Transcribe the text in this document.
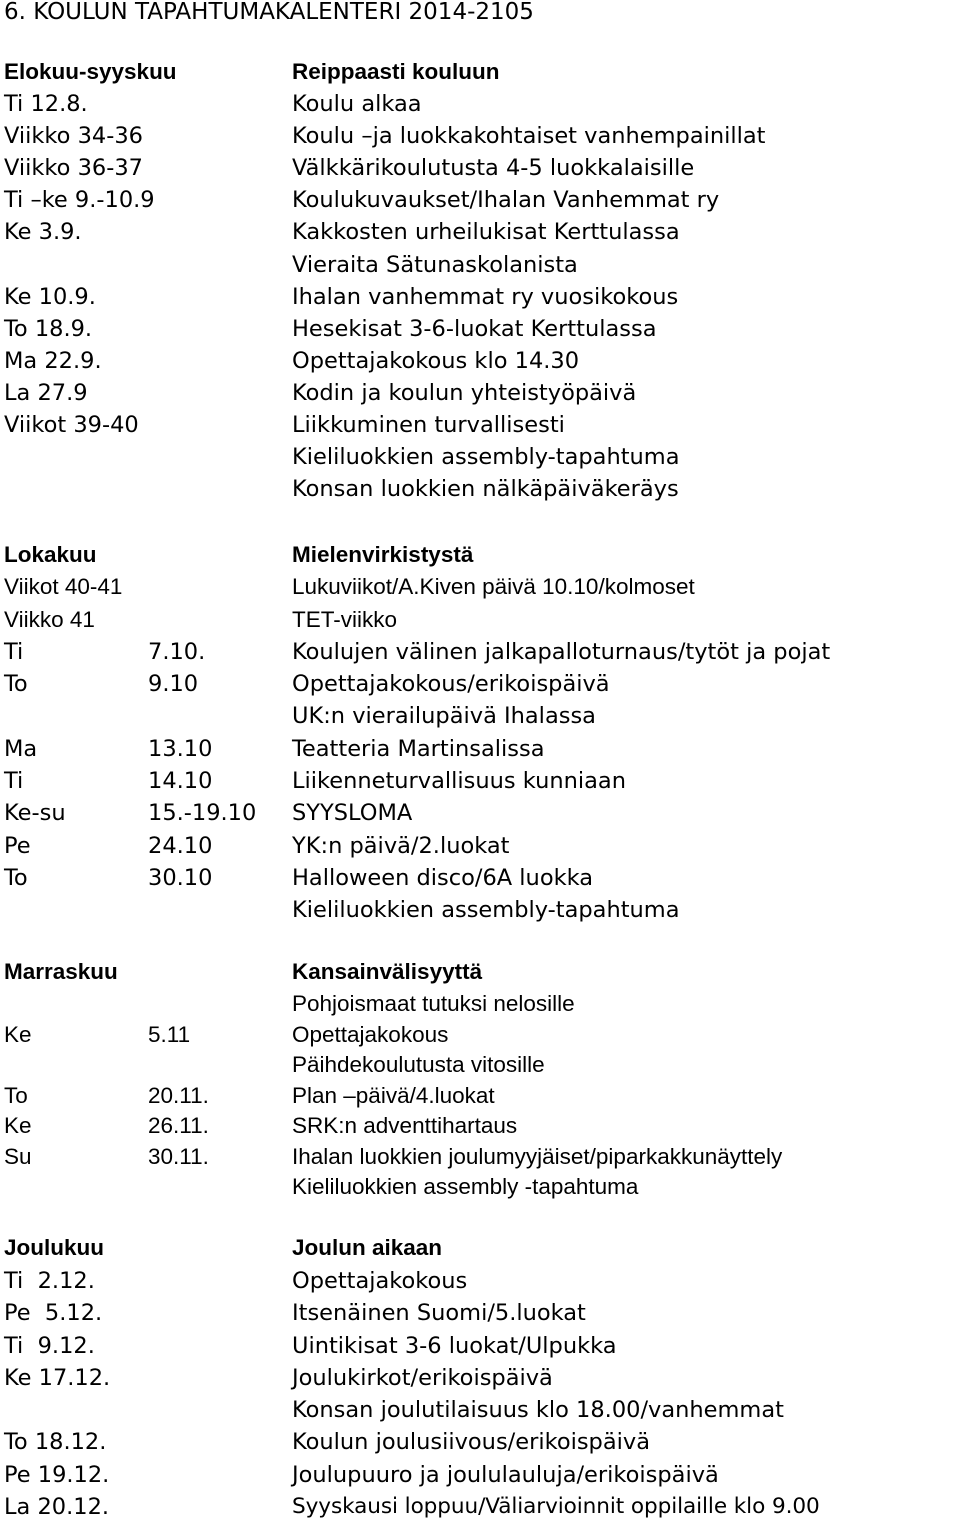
6. KOULUN TAPAHTUMAKALENTERI 2014-2105
Elokuu-syyskuu	Reippaasti kouluun
Ti 12.8.	Koulu alkaa
Viikko 34-36	Koulu –ja luokkakohtaiset vanhempainillat
Viikko 36-37	Välkkärikoulutusta 4-5 luokkalaisille
Ti –ke 9.-10.9	Koulukuvaukset/Ihalan Vanhemmat ry
Ke 3.9.	Kakkosten urheilukisat Kerttulassa
Vieraita Sätunaskolanista
Ke 10.9.	Ihalan vanhemmat ry vuosikokous
To 18.9.	Hesekisat 3-6-luokat Kerttulassa
Ma 22.9.	Opettajakokous klo 14.30
La 27.9	Kodin ja koulun yhteistyöpäivä
Viikot 39-40	Liikkuminen turvallisesti
Kieliluokkien assembly-tapahtuma
Konsan luokkien nälkäpäiväkeräys
Lokakuu	Mielenvirkistystä
Viikot 40-41	Lukuviikot/A.Kiven päivä 10.10/kolmoset
Viikko 41	TET-viikko
Ti	7.10.	Koulujen välinen jalkapalloturnaus/tytöt ja pojat
To	9.10	Opettajakokous/erikoispäivä
UK:n vierailupäivä Ihalassa
Ma	13.10	Teatteria Martinsalissa
Ti	14.10	Liikenneturvallisuus kunniaan
Ke-su	15.-19.10 SYYSLOMA
Pe	24.10	YK:n päivä/2.luokat
To	30.10	Halloween disco/6A luokka
Kieliluokkien assembly-tapahtuma
Marraskuu	Kansainvälisyyttä
Pohjoismaat tutuksi nelosille
Ke	5.11	Opettajakokous
Päihdekoulutusta vitosille
To	20.11.	Plan –päivä/4.luokat
Ke	26.11.	SRK:n adventtihartaus
Su	30.11.	Ihalan luokkien joulumyyjäiset/piparkakkunäyttely
Kieliluokkien assembly -tapahtuma
Joulukuu	Joulun aikaan
Ti  2.12.	Opettajakokous
Pe  5.12.	Itsenäinen Suomi/5.luokat
Ti  9.12.	Uintikisat 3-6 luokat/Ulpukka
Ke 17.12.	Joulukirkot/erikoispäivä
Konsan joulutilaisuus klo 18.00/vanhemmat
To 18.12.	Koulun joulusiivous/erikoispäivä
Pe 19.12.	Joulupuuro ja joululauluja/erikoispäivä
La 20.12.	Syyskausi loppuu/Väliarvioinnit oppilaille klo 9.00
